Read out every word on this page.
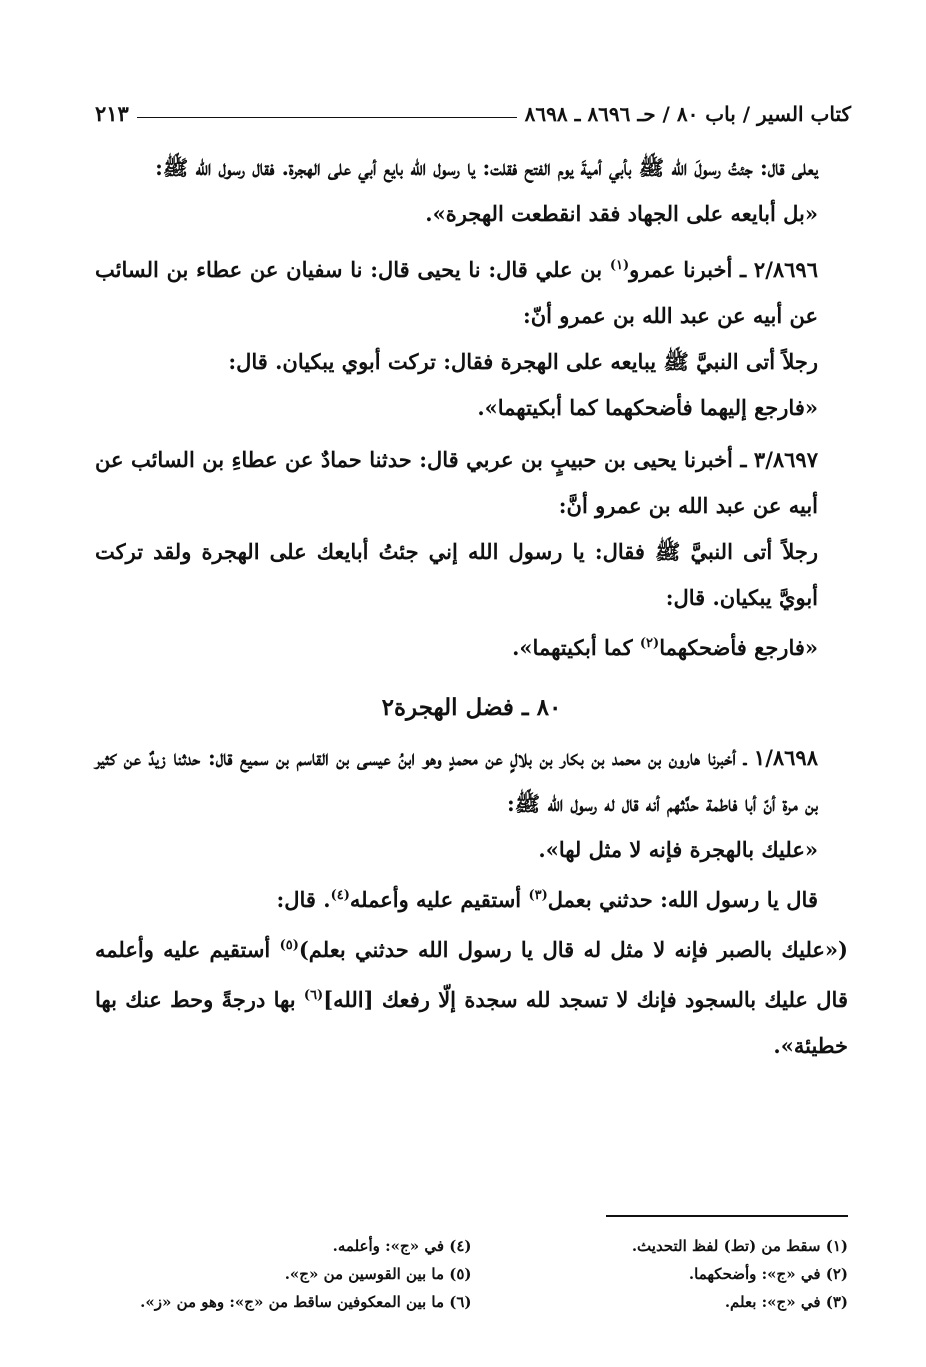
كتاب السير / باب ٨٠ / حـ ٨٦٩٦ ـ ٨٦٩٨
٢١٣

يعلى قال: جئتُ رسولَ الله ﷺ بأبي أميةَ يوم الفتح فقلت: يا رسول الله بايع أبي على الهجرة. فقال رسول الله ﷺ:

«بل أبايعه على الجهاد فقد انقطعت الهجرة».

٢/٨٦٩٦ ـ أخبرنا عمرو$^{(١)}$ بن علي قال: نا يحيى قال: نا سفيان عن عطاء بن السائب عن أبيه عن عبد الله بن عمرو أنّ:

رجلاً أتى النبيَّ ﷺ يبايعه على الهجرة فقال: تركت أبوي يبكيان. قال:

«فارجع إليهما فأضحكهما كما أبكيتهما».

٣/٨٦٩٧ ـ أخبرنا يحيى بن حبيبٍ بن عربي قال: حدثنا حمادٌ عن عطاءِ بن السائب عن أبيه عن عبد الله بن عمرو أنَّ:

رجلاً أتى النبيَّ ﷺ فقال: يا رسول الله إني جئتُ أبايعك على الهجرة ولقد تركت أبويَّ يبكيان. قال:

«فارجع فأضحكهما$^{(٢)}$ كما أبكيتهما».

٨٠ ـ فضل الهجرة٢

١/٨٦٩٨ ـ أخبرنا هارون بن محمد بن بكار بن بلالٍ عن محمدٍ وهو ابنُ عيسى بن القاسم بن سميع قال: حدثنا زيدٌ عن كثير بن مرة أنّ أبا فاطمة حدَّثهم أنه قال له رسول الله ﷺ:

«عليك بالهجرة فإنه لا مثل لها».

قال يا رسول الله: حدثني بعمل$^{(٣)}$ أستقيم عليه وأعمله$^{(٤)}$. قال:

(«عليك بالصبر فإنه لا مثل له قال يا رسول الله حدثني بعلم)$^{(٥)}$ أستقيم عليه وأعلمه قال عليك بالسجود فإنك لا تسجد لله سجدة إلّا رفعك [الله]$^{(٦)}$ بها درجةً وحط عنك بها خطيئة».

(١) سقط من (تط) لفظ التحديث.
(٢) في «ج»: وأضحكهما.
(٣) في «ج»: بعلم.
(٤) في «ج»: وأعلمه.
(٥) ما بين القوسين من «ج».
(٦) ما بين المعكوفين ساقط من «ج»: وهو من «ز».
